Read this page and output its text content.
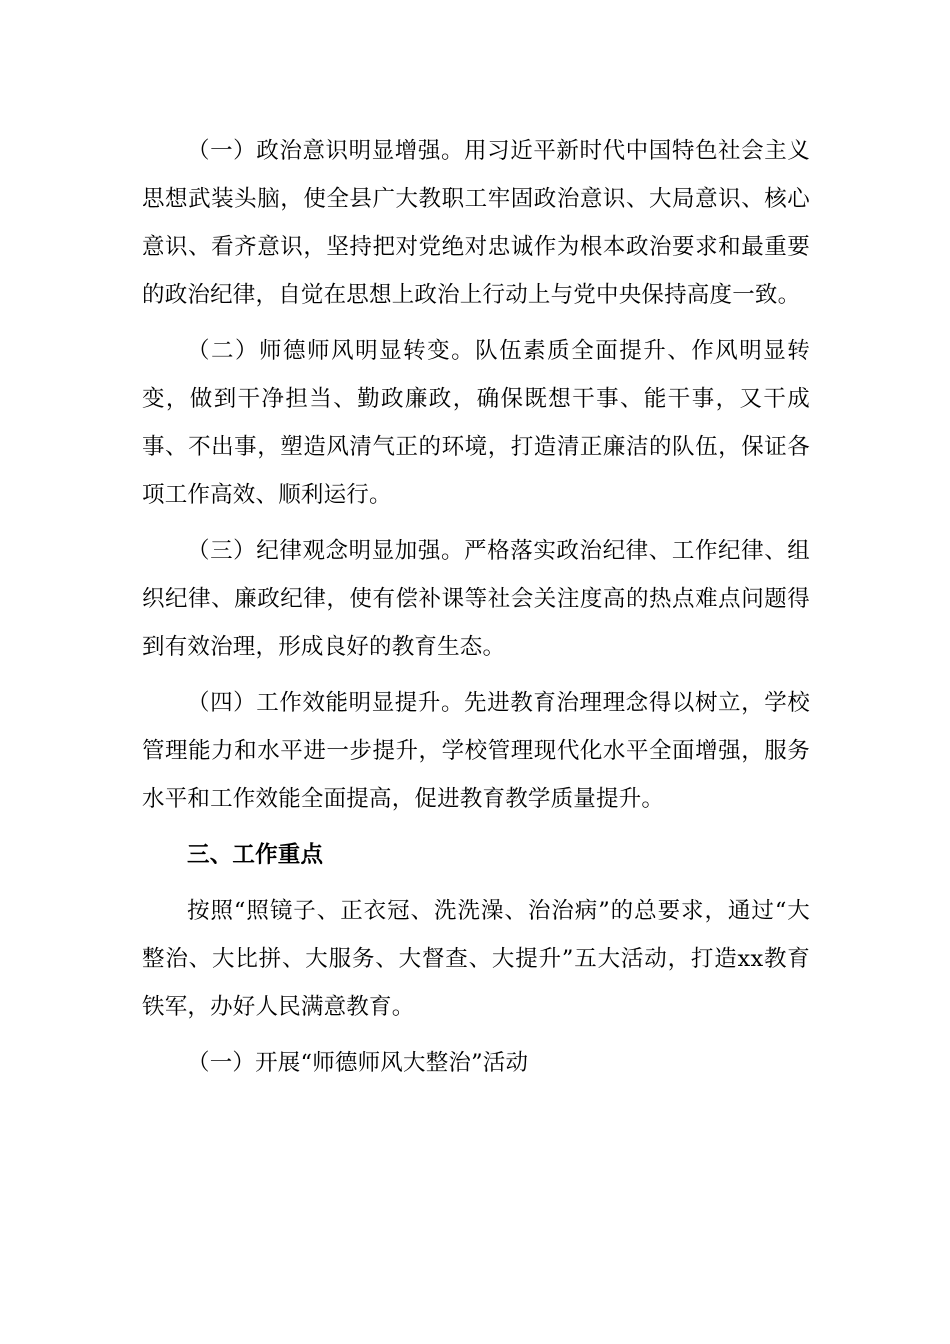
（一）政治意识明显增强。用习近平新时代中国特色社会主义思想武装头脑，使全县广大教职工牢固政治意识、大局意识、核心意识、看齐意识，坚持把对党绝对忠诚作为根本政治要求和最重要的政治纪律，自觉在思想上政治上行动上与党中央保持高度一致。

（二）师德师风明显转变。队伍素质全面提升、作风明显转变，做到干净担当、勤政廉政，确保既想干事、能干事，又干成事、不出事，塑造风清气正的环境，打造清正廉洁的队伍，保证各项工作高效、顺利运行。

（三）纪律观念明显加强。严格落实政治纪律、工作纪律、组织纪律、廉政纪律，使有偿补课等社会关注度高的热点难点问题得到有效治理，形成良好的教育生态。

（四）工作效能明显提升。先进教育治理理念得以树立，学校管理能力和水平进一步提升，学校管理现代化水平全面增强，服务水平和工作效能全面提高，促进教育教学质量提升。

三、工作重点

按照“照镜子、正衣冠、洗洗澡、治治病”的总要求，通过“大整治、大比拼、大服务、大督查、大提升”五大活动，打造xx教育铁军，办好人民满意教育。

（一）开展“师德师风大整治”活动
